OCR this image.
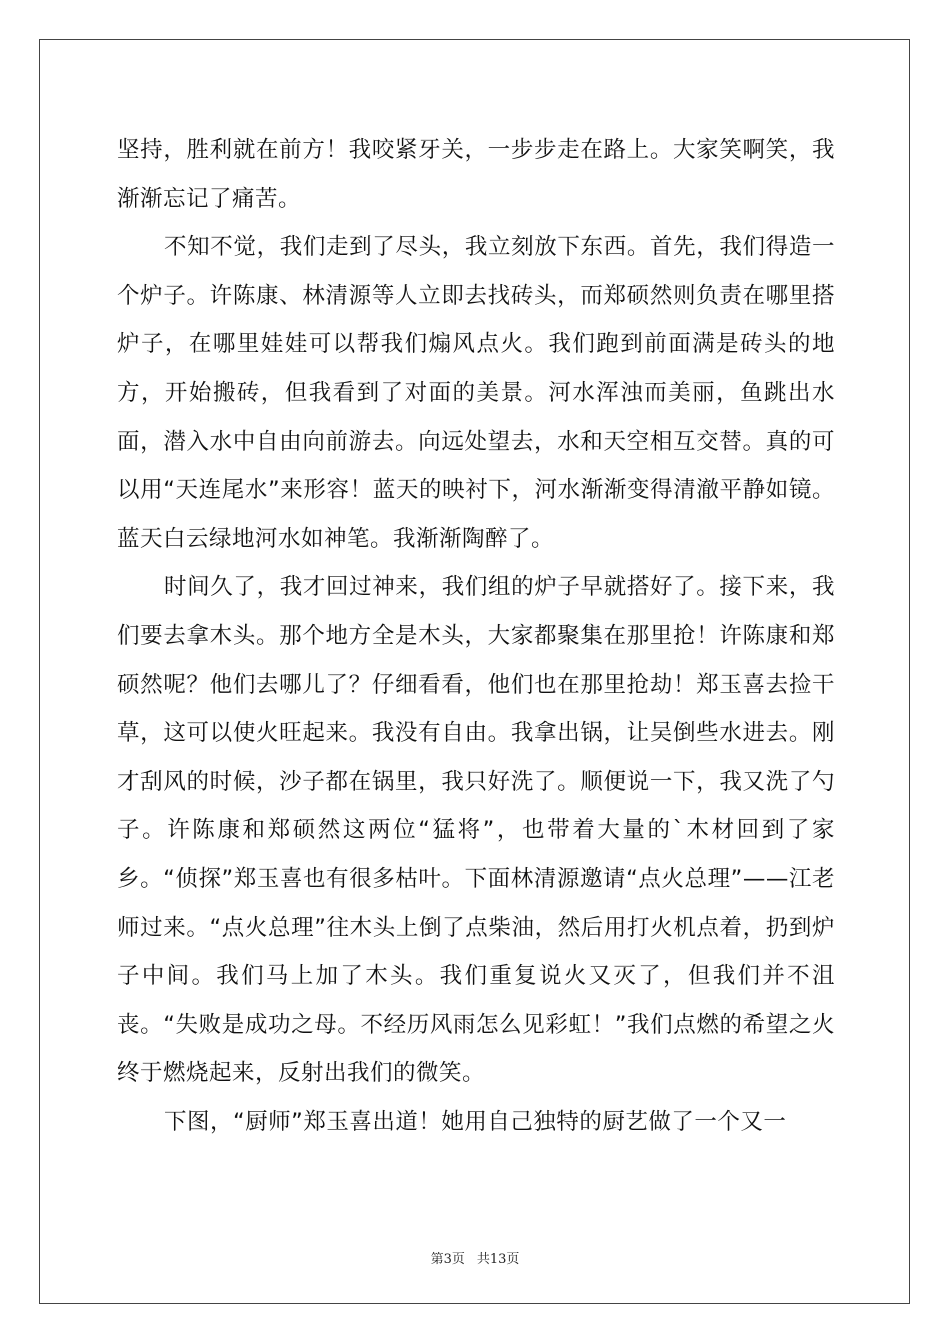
坚持，胜利就在前方！我咬紧牙关，一步步走在路上。大家笑啊笑，我渐渐忘记了痛苦。

不知不觉，我们走到了尽头，我立刻放下东西。首先，我们得造一个炉子。许陈康、林清源等人立即去找砖头，而郑硕然则负责在哪里搭炉子，在哪里娃娃可以帮我们煽风点火。我们跑到前面满是砖头的地方，开始搬砖，但我看到了对面的美景。河水浑浊而美丽，鱼跳出水面，潜入水中自由向前游去。向远处望去，水和天空相互交替。真的可以用“天连尾水”来形容！蓝天的映衬下，河水渐渐变得清澈平静如镜。蓝天白云绿地河水如神笔。我渐渐陶醉了。

时间久了，我才回过神来，我们组的炉子早就搭好了。接下来，我们要去拿木头。那个地方全是木头，大家都聚集在那里抢！许陈康和郑硕然呢？他们去哪儿了？仔细看看，他们也在那里抢劫！郑玉喜去捡干草，这可以使火旺起来。我没有自由。我拿出锅，让吴倒些水进去。刚才刮风的时候，沙子都在锅里，我只好洗了。顺便说一下，我又洗了勺子。许陈康和郑硕然这两位“猛将”，也带着大量的`木材回到了家乡。“侦探”郑玉喜也有很多枯叶。下面林清源邀请“点火总理”——江老师过来。“点火总理”往木头上倒了点柴油，然后用打火机点着，扔到炉子中间。我们马上加了木头。我们重复说火又灭了，但我们并不沮丧。“失败是成功之母。不经历风雨怎么见彩虹！”我们点燃的希望之火终于燃烧起来，反射出我们的微笑。

下图，“厨师”郑玉喜出道！她用自己独特的厨艺做了一个又一

第3页 共13页
